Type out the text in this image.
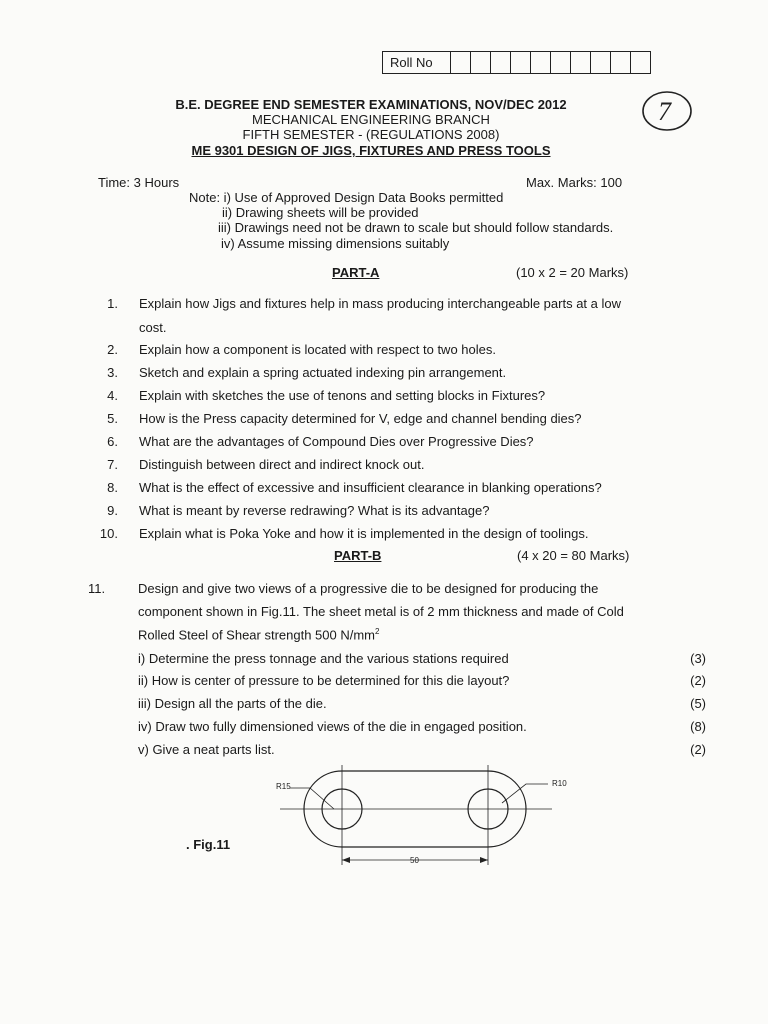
Roll No
7
B.E. DEGREE END SEMESTER EXAMINATIONS, NOV/DEC 2012
MECHANICAL ENGINEERING BRANCH
FIFTH SEMESTER - (REGULATIONS 2008)
ME 9301 DESIGN OF JIGS, FIXTURES AND PRESS TOOLS
Time: 3 Hours	Max. Marks: 100
Note: i) Use of Approved Design Data Books permitted
ii) Drawing sheets will be provided
iii) Drawings need not be drawn to scale but should follow standards.
iv) Assume missing dimensions suitably
PART-A	(10 x 2 = 20 Marks)
1. Explain how Jigs and fixtures help in mass producing interchangeable parts at a low
cost.
2. Explain how a component is located with respect to two holes.
3. Sketch and explain a spring actuated indexing pin arrangement.
4. Explain with sketches the use of tenons and setting blocks in Fixtures?
5. How is the Press capacity determined for V, edge and channel bending dies?
6. What are the advantages of Compound Dies over Progressive Dies?
7. Distinguish between direct and indirect knock out.
8. What is the effect of excessive and insufficient clearance in blanking operations?
9. What is meant by reverse redrawing? What is its advantage?
10. Explain what is Poka Yoke and how it is implemented in the design of toolings.
PART-B	(4 x 20 = 80 Marks)
11.	Design and give two views of a progressive die to be designed for producing the
component shown in Fig.11. The sheet metal is of 2 mm thickness and made of Cold
Rolled Steel of Shear strength 500 $N/mm^2$
i) Determine the press tonnage and the various stations required	(3)
ii) How is center of pressure to be determined for this die layout?	(2)
iii) Design all the parts of the die.	(5)
iv) Draw two fully dimensioned views of the die in engaged position.	(8)
v) Give a neat parts list.	(2)
. Fig.11
R15	R10
50
